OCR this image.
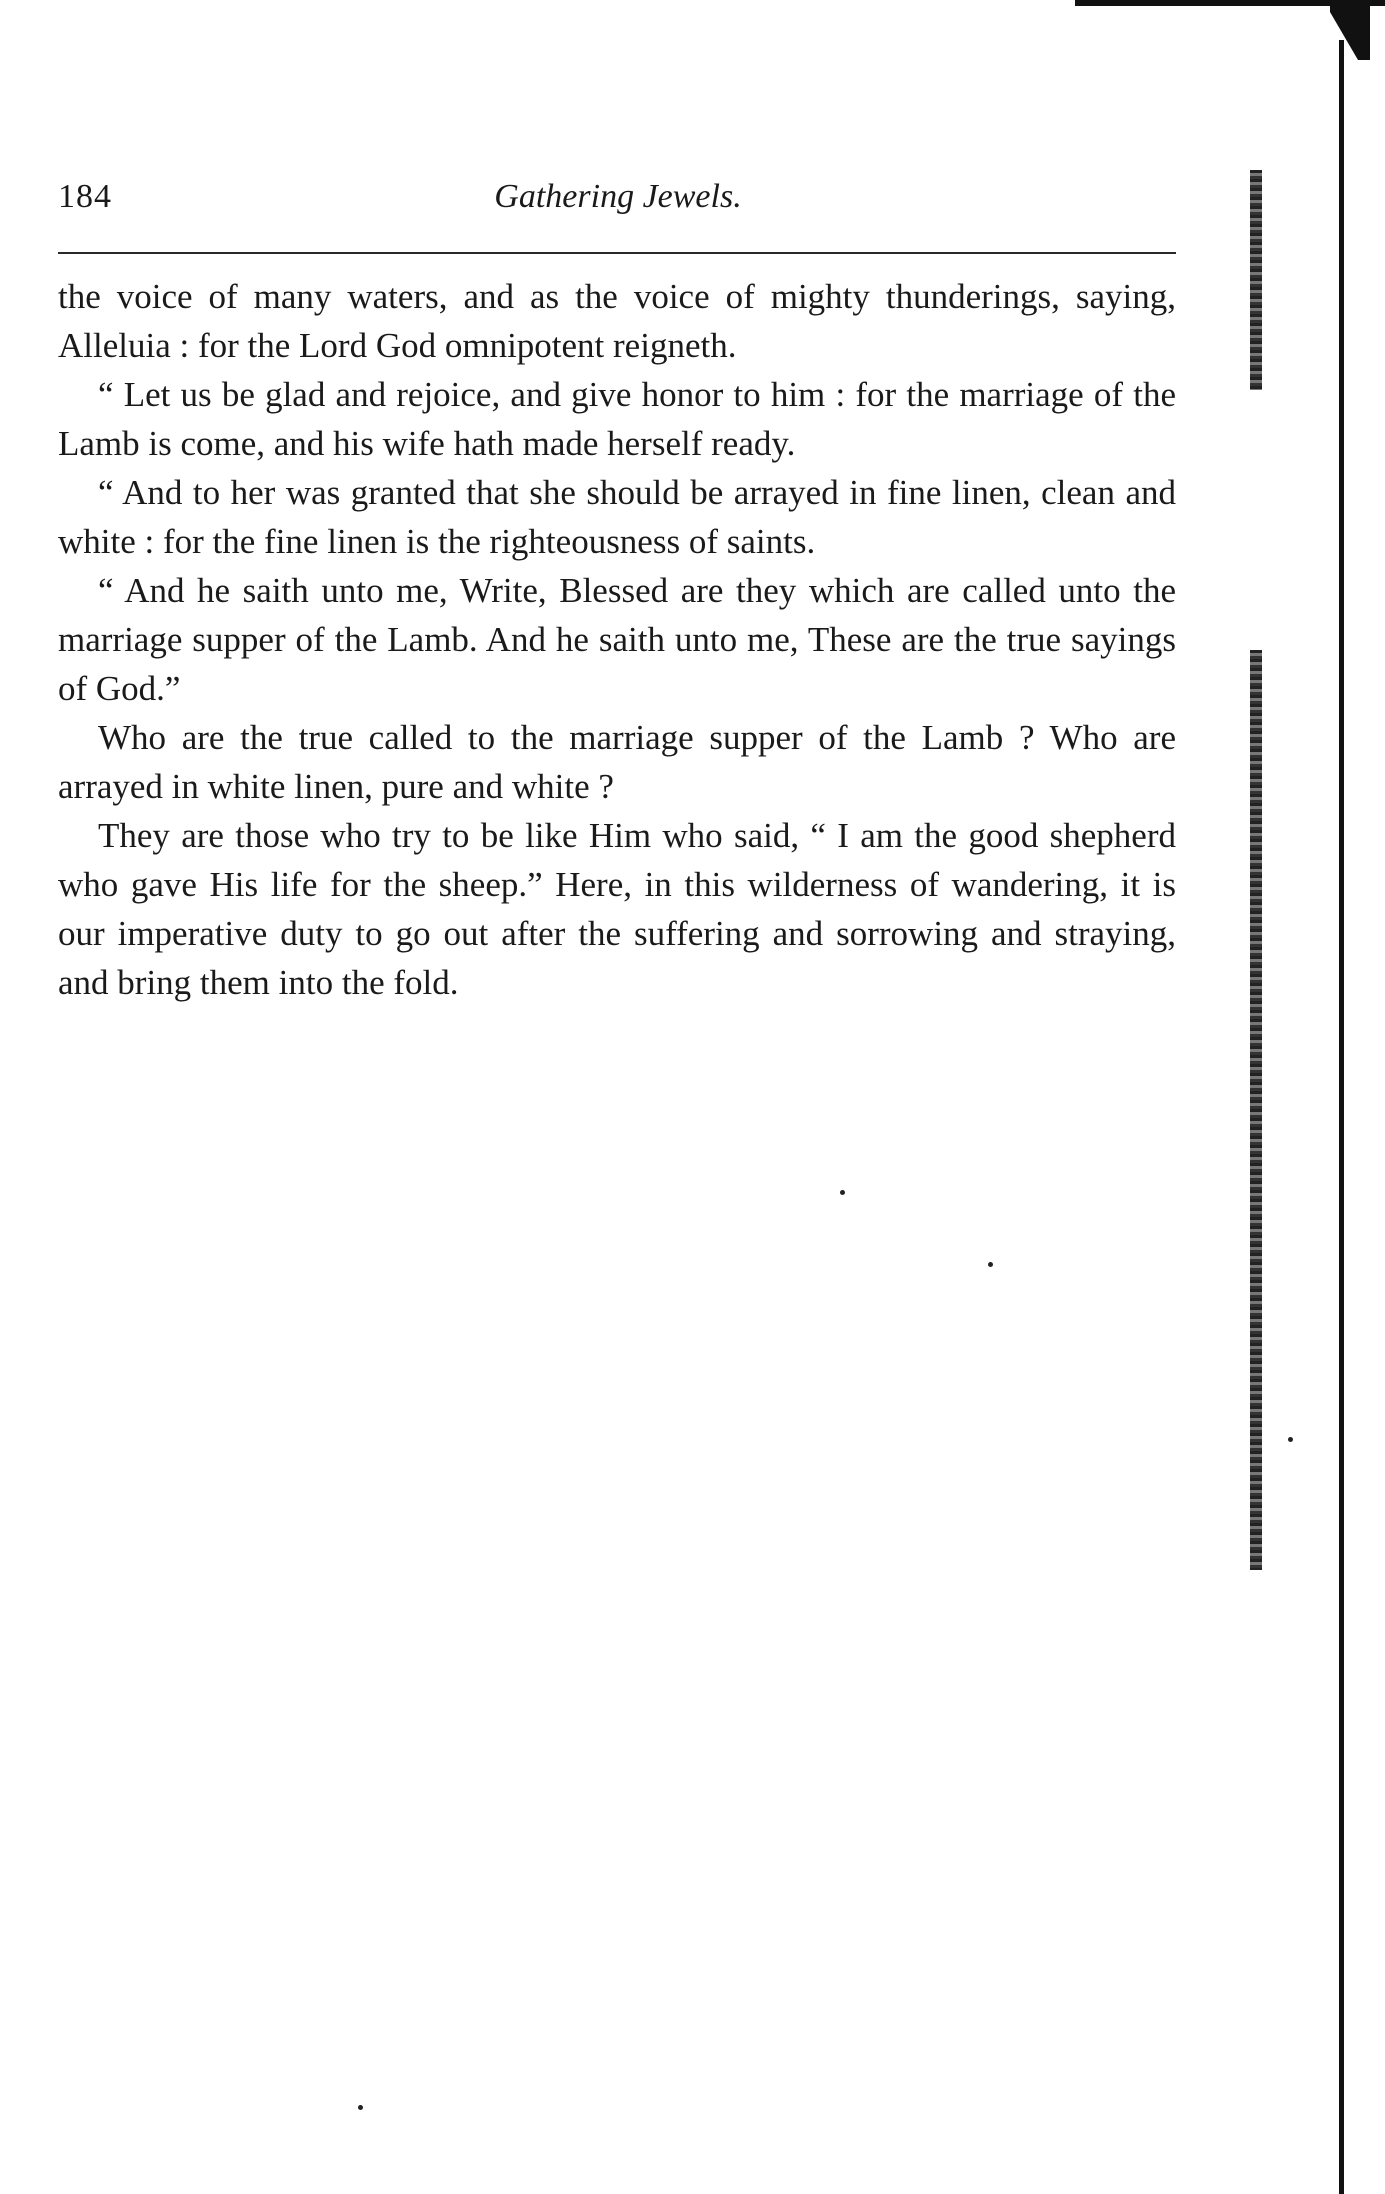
184	Gathering Jewels.

the voice of many waters, and as the voice of mighty thunderings, saying, Alleluia : for the Lord God omnipotent reigneth.

“ Let us be glad and rejoice, and give honor to him : for the marriage of the Lamb is come, and his wife hath made herself ready.

“ And to her was granted that she should be arrayed in fine linen, clean and white : for the fine linen is the righteousness of saints.

“ And he saith unto me, Write, Blessed are they which are called unto the marriage supper of the Lamb. And he saith unto me, These are the true sayings of God.”

Who are the true called to the marriage supper of the Lamb ? Who are arrayed in white linen, pure and white ?

They are those who try to be like Him who said, “ I am the good shepherd who gave His life for the sheep.” Here, in this wilderness of wandering, it is our imperative duty to go out after the suffering and sorrowing and straying, and bring them into the fold.
